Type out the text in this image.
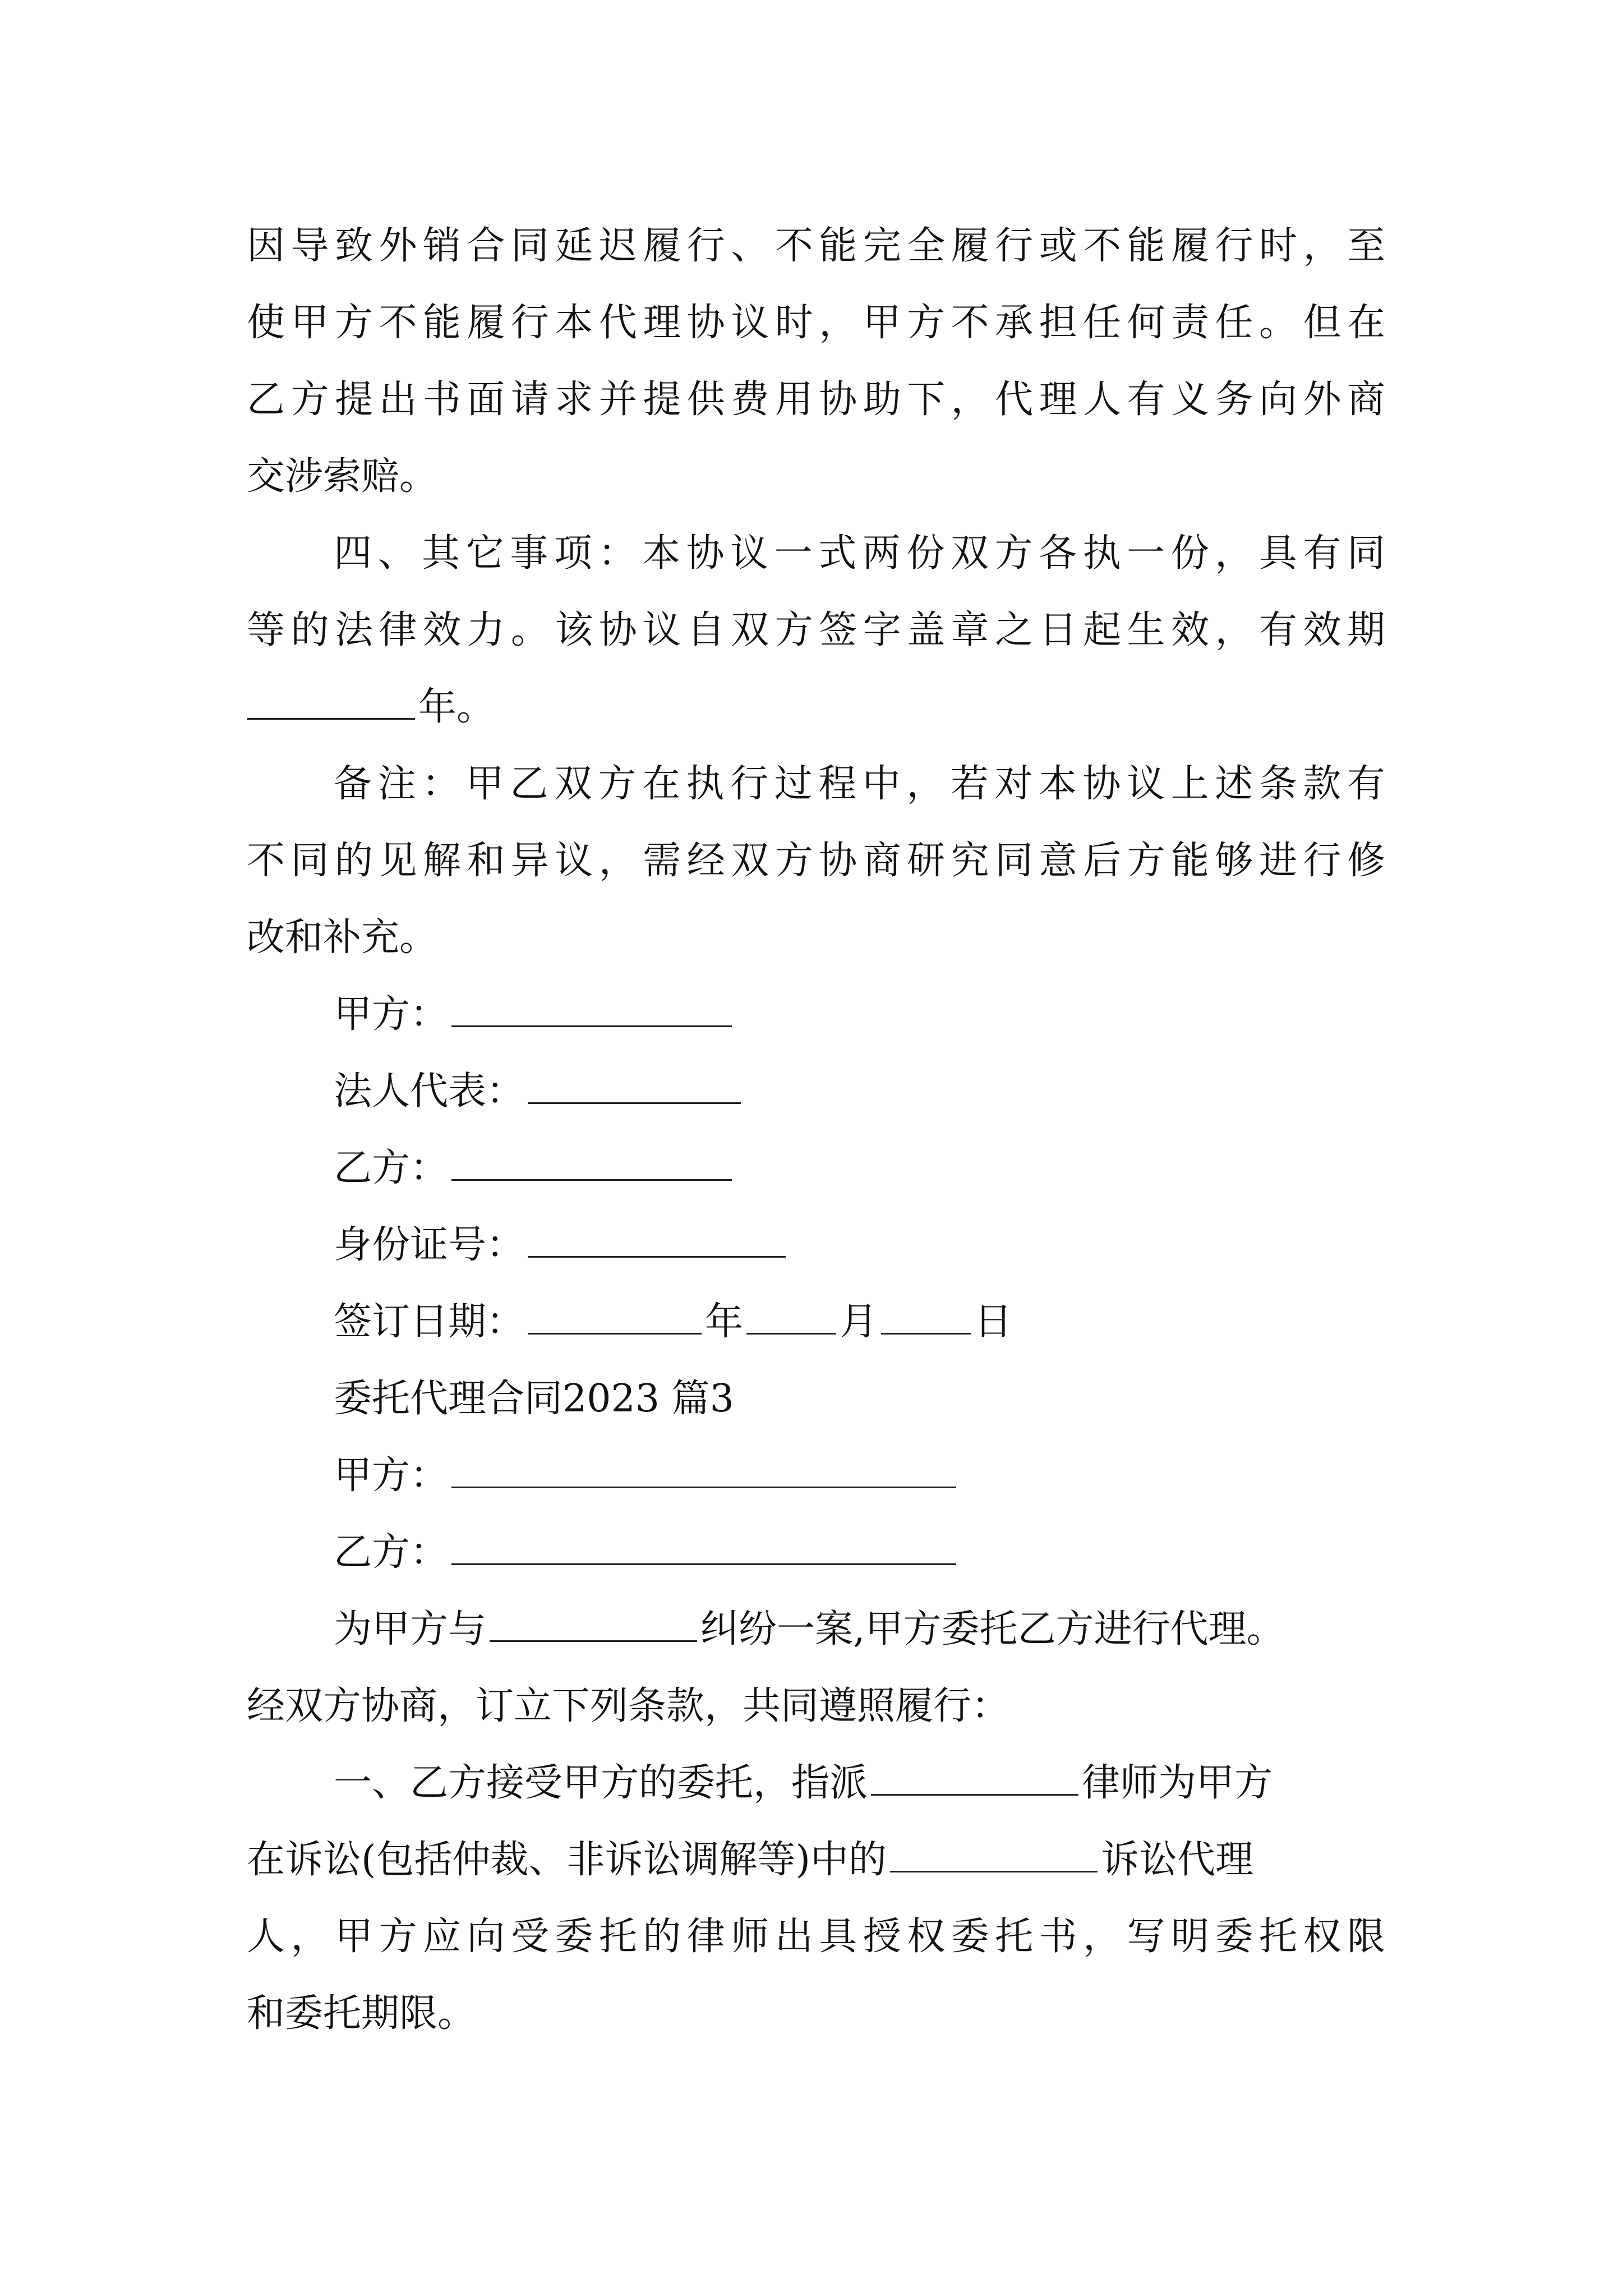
因导致外销合同延迟履行、不能完全履行或不能履行时，至
使甲方不能履行本代理协议时，甲方不承担任何责任。但在
乙方提出书面请求并提供费用协助下，代理人有义务向外商
交涉索赔。
四、其它事项：本协议一式两份双方各执一份，具有同
等的法律效力。该协议自双方签字盖章之日起生效，有效期
年。
备注：甲乙双方在执行过程中，若对本协议上述条款有
不同的见解和异议，需经双方协商研究同意后方能够进行修
改和补充。
甲方：
法人代表：
乙方：
身份证号：
签订日期：	年	月	日
委托代理合同2023 篇3
甲方：
乙方：
为甲方与	纠纷一案,甲方委托乙方进行代理。
经双方协商，订立下列条款，共同遵照履行：
一、乙方接受甲方的委托，指派	律师为甲方
在诉讼(包括仲裁、非诉讼调解等)中的	诉讼代理
人，甲方应向受委托的律师出具授权委托书，写明委托权限
和委托期限。
